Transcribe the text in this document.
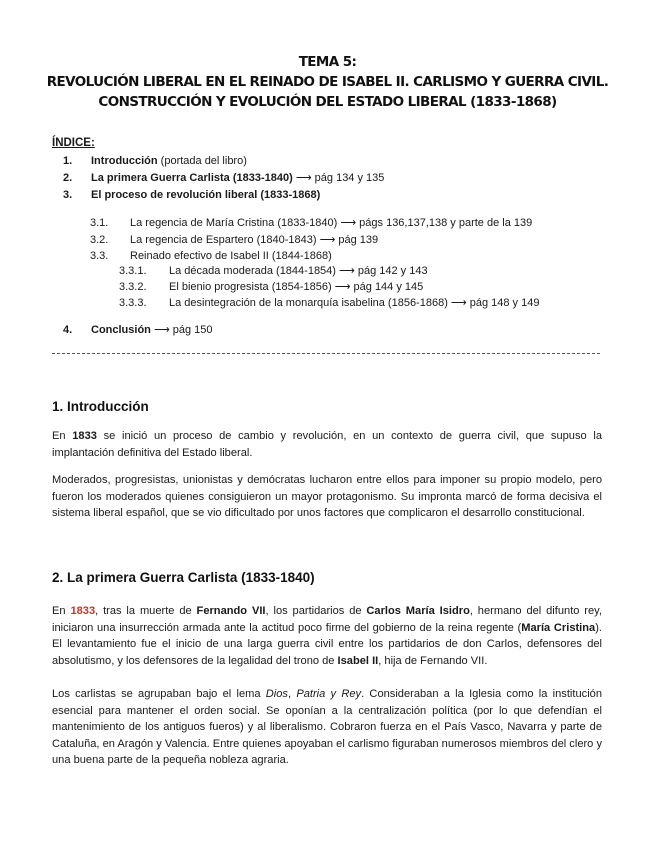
TEMA 5:
REVOLUCIÓN LIBERAL EN EL REINADO DE ISABEL II. CARLISMO Y GUERRA CIVIL.
CONSTRUCCIÓN Y EVOLUCIÓN DEL ESTADO LIBERAL (1833-1868)
ÍNDICE:
1. Introducción (portada del libro)
2. La primera Guerra Carlista (1833-1840) ⟶ pág 134 y 135
3. El proceso de revolución liberal (1833-1868)
3.1. La regencia de María Cristina (1833-1840) ⟶ págs 136,137,138 y parte de la 139
3.2. La regencia de Espartero (1840-1843) ⟶ pág 139
3.3. Reinado efectivo de Isabel II (1844-1868)
3.3.1. La década moderada (1844-1854) ⟶ pág 142 y 143
3.3.2. El bienio progresista (1854-1856) ⟶ pág 144 y 145
3.3.3. La desintegración de la monarquía isabelina (1856-1868) ⟶ pág 148 y 149
4. Conclusión ⟶ pág 150
1. Introducción
En 1833 se inició un proceso de cambio y revolución, en un contexto de guerra civil, que supuso la implantación definitiva del Estado liberal.
Moderados, progresistas, unionistas y demócratas lucharon entre ellos para imponer su propio modelo, pero fueron los moderados quienes consiguieron un mayor protagonismo. Su impronta marcó de forma decisiva el sistema liberal español, que se vio dificultado por unos factores que complicaron el desarrollo constitucional.
2. La primera Guerra Carlista (1833-1840)
En 1833, tras la muerte de Fernando VII, los partidarios de Carlos María Isidro, hermano del difunto rey, iniciaron una insurrección armada ante la actitud poco firme del gobierno de la reina regente (María Cristina). El levantamiento fue el inicio de una larga guerra civil entre los partidarios de don Carlos, defensores del absolutismo, y los defensores de la legalidad del trono de Isabel II, hija de Fernando VII.
Los carlistas se agrupaban bajo el lema Dios, Patria y Rey. Consideraban a la Iglesia como la institución esencial para mantener el orden social. Se oponían a la centralización política (por lo que defendían el mantenimiento de los antiguos fueros) y al liberalismo. Cobraron fuerza en el País Vasco, Navarra y parte de Cataluña, en Aragón y Valencia. Entre quienes apoyaban el carlismo figuraban numerosos miembros del clero y una buena parte de la pequeña nobleza agraria.
